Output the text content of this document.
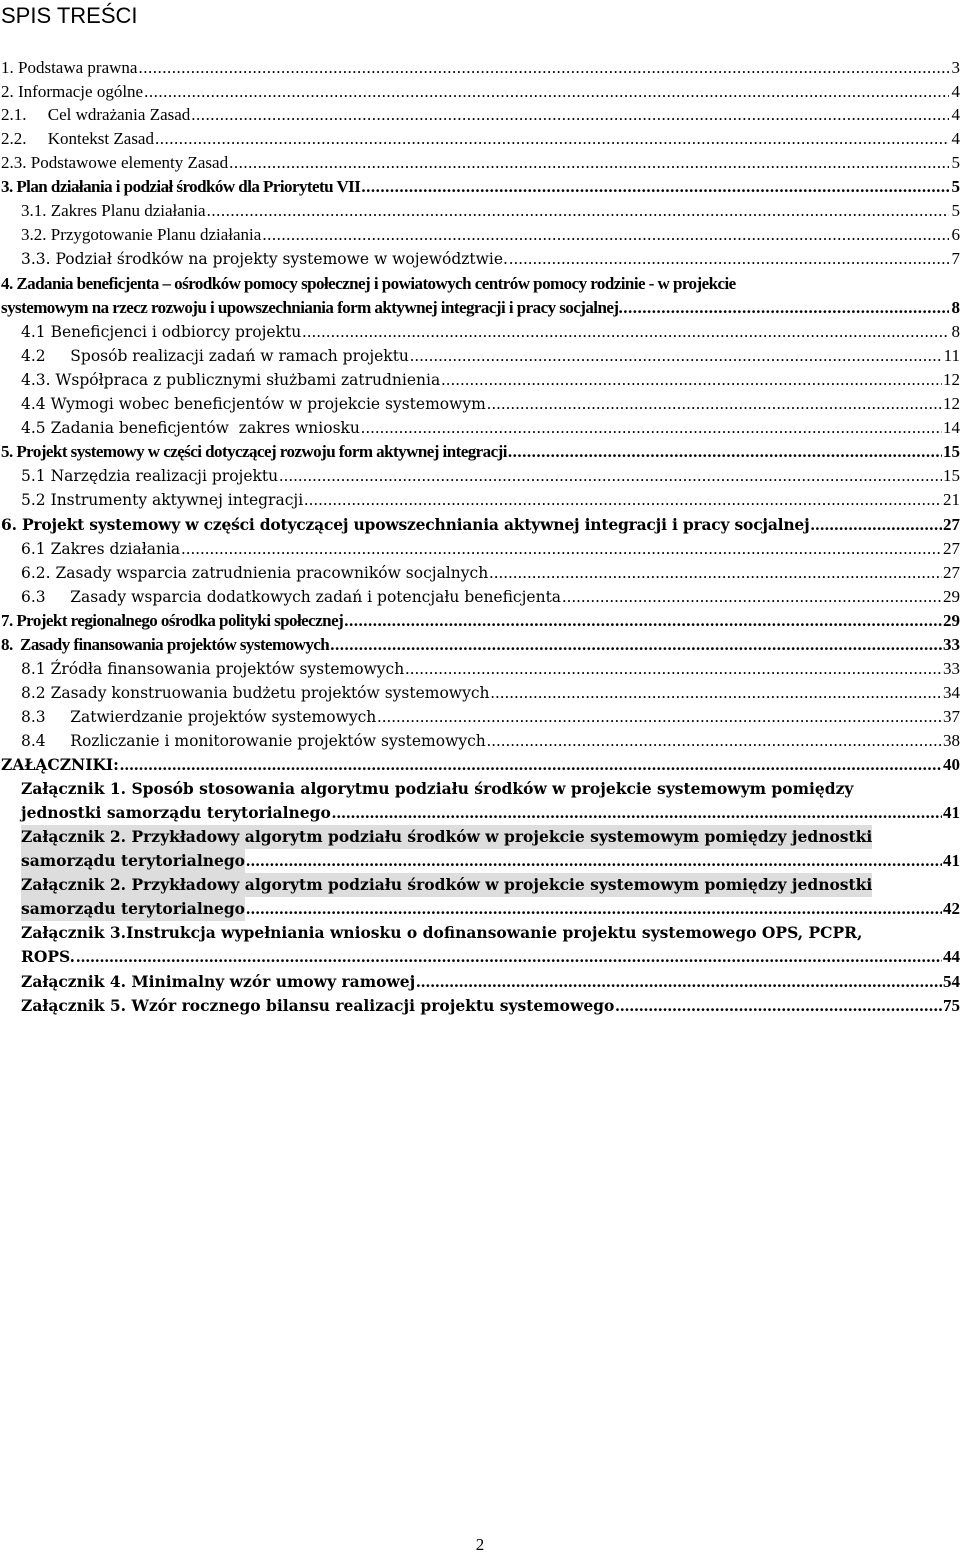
SPIS TREŚCI
1. Podstawa prawna .....	3
2. Informacje ogólne .....	4
2.1.     Cel wdrażania Zasad .....	4
2.2.     Kontekst Zasad .....	4
2.3. Podstawowe elementy Zasad .....	5
3. Plan działania i podział środków dla Priorytetu VII .....	5
3.1. Zakres Planu działania .....	5
3.2. Przygotowanie Planu działania .....	6
3.3. Podział środków na projekty systemowe w województwie. .....	7
4. Zadania beneficjenta – ośrodków pomocy społecznej i powiatowych centrów pomocy rodzinie - w projekcie
systemowym na rzecz rozwoju i upowszechniania form aktywnej integracji i pracy socjalnej. .....	8
4.1 Beneficjenci i odbiorcy projektu .....	8
4.2     Sposób realizacji zadań w ramach projektu .....	11
4.3. Współpraca z publicznymi służbami zatrudnienia .....	12
4.4 Wymogi wobec beneficjentów w projekcie systemowym .....	12
4.5 Zadania beneficjentów  zakres wniosku .....	14
5. Projekt systemowy w części dotyczącej rozwoju form aktywnej integracji .....	15
5.1 Narzędzia realizacji projektu .....	15
5.2 Instrumenty aktywnej integracji .....	21
6. Projekt systemowy w części dotyczącej upowszechniania aktywnej integracji i pracy socjalnej .....	27
6.1 Zakres działania .....	27
6.2. Zasady wsparcia zatrudnienia pracowników socjalnych .....	27
6.3     Zasady wsparcia dodatkowych zadań i potencjału beneficjenta .....	29
7. Projekt regionalnego ośrodka polityki społecznej .....	29
8.  Zasady finansowania projektów systemowych .....	33
8.1 Źródła finansowania projektów systemowych .....	33
8.2 Zasady konstruowania budżetu projektów systemowych .....	34
8.3     Zatwierdzanie projektów systemowych .....	37
8.4     Rozliczanie i monitorowanie projektów systemowych .....	38
ZAŁĄCZNIKI: .....	40
Załącznik 1. Sposób stosowania algorytmu podziału środków w projekcie systemowym pomiędzy
jednostki samorządu terytorialnego .....	41
Załącznik 2. Przykładowy algorytm podziału środków w projekcie systemowym pomiędzy jednostki
samorządu terytorialnego .....	41
Załącznik 2. Przykładowy algorytm podziału środków w projekcie systemowym pomiędzy jednostki
samorządu terytorialnego .....	42
Załącznik 3.Instrukcja wypełniania wniosku o dofinansowanie projektu systemowego OPS, PCPR,
ROPS. .....	44
Załącznik 4. Minimalny wzór umowy ramowej .....	54
Załącznik 5. Wzór rocznego bilansu realizacji projektu systemowego .....	75
2
